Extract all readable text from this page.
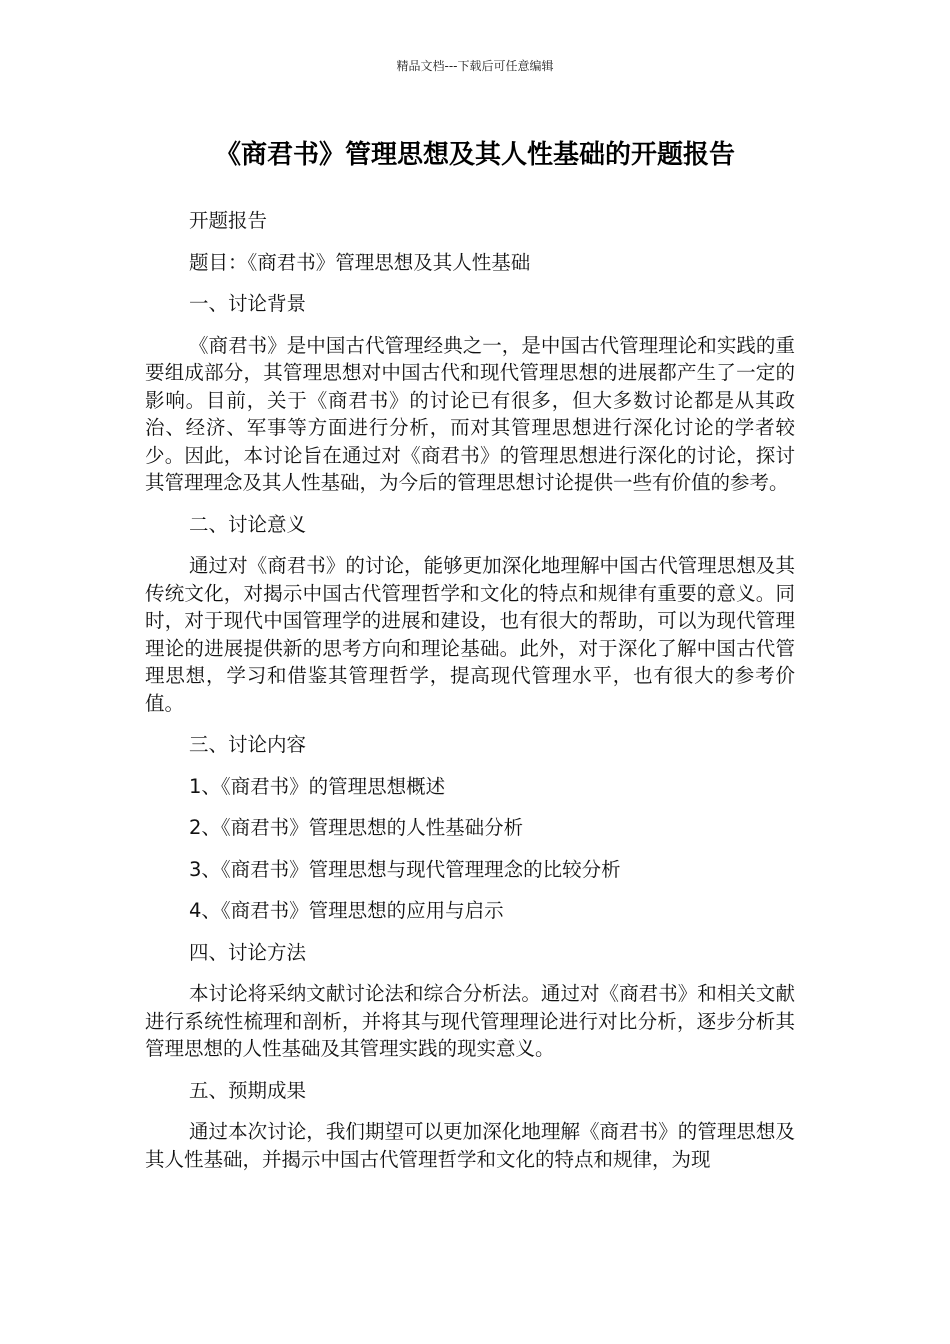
精品文档---下载后可任意编辑
《商君书》管理思想及其人性基础的开题报告

开题报告

题目：《商君书》管理思想及其人性基础

一、讨论背景

《商君书》是中国古代管理经典之一，是中国古代管理理论和实践的重要组成部分，其管理思想对中国古代和现代管理思想的进展都产生了一定的影响。目前，关于《商君书》的讨论已有很多，但大多数讨论都是从其政治、经济、军事等方面进行分析，而对其管理思想进行深化讨论的学者较少。因此，本讨论旨在通过对《商君书》的管理思想进行深化的讨论，探讨其管理理念及其人性基础，为今后的管理思想讨论提供一些有价值的参考。

二、讨论意义

通过对《商君书》的讨论，能够更加深化地理解中国古代管理思想及其传统文化，对揭示中国古代管理哲学和文化的特点和规律有重要的意义。同时，对于现代中国管理学的进展和建设，也有很大的帮助，可以为现代管理理论的进展提供新的思考方向和理论基础。此外，对于深化了解中国古代管理思想，学习和借鉴其管理哲学，提高现代管理水平，也有很大的参考价值。

三、讨论内容

1、《商君书》的管理思想概述

2、《商君书》管理思想的人性基础分析

3、《商君书》管理思想与现代管理理念的比较分析

4、《商君书》管理思想的应用与启示

四、讨论方法

本讨论将采纳文献讨论法和综合分析法。通过对《商君书》和相关文献进行系统性梳理和剖析，并将其与现代管理理论进行对比分析，逐步分析其管理思想的人性基础及其管理实践的现实意义。

五、预期成果

通过本次讨论，我们期望可以更加深化地理解《商君书》的管理思想及其人性基础，并揭示中国古代管理哲学和文化的特点和规律，为现
